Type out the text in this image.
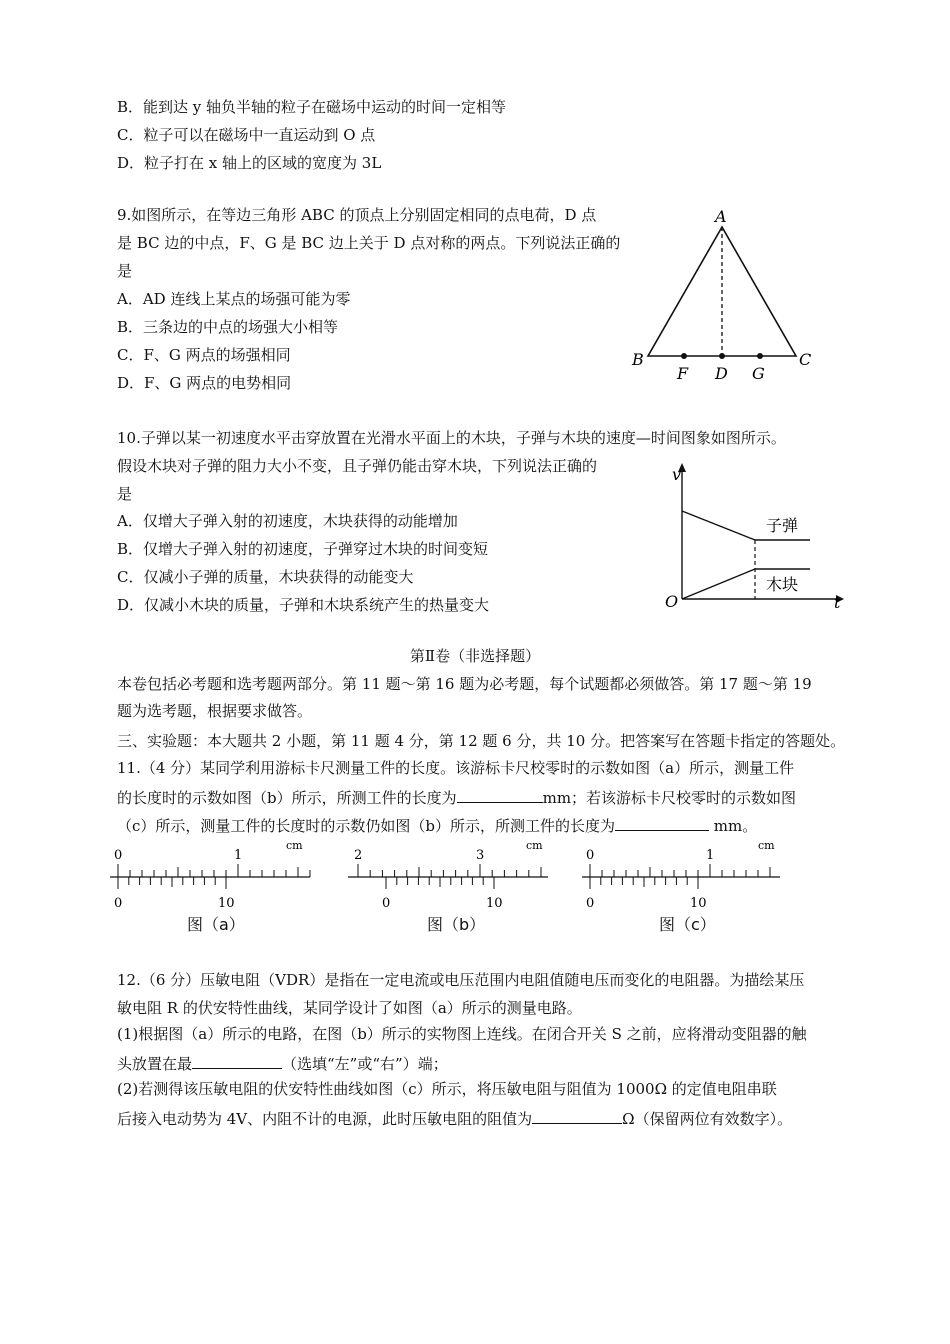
B．能到达 y 轴负半轴的粒子在磁场中运动的时间一定相等
C．粒子可以在磁场中一直运动到 O 点
D．粒子打在 x 轴上的区域的宽度为 3L
9.如图所示，在等边三角形 ABC 的顶点上分别固定相同的点电荷，D 点
是 BC 边的中点，F、G 是 BC 边上关于 D 点对称的两点。下列说法正确的
是
A．AD 连线上某点的场强可能为零
B．三条边的中点的场强大小相等
C．F、G 两点的场强相同
D．F、G 两点的电势相同
A
B	C
F D G
10.子弹以某一初速度水平击穿放置在光滑水平面上的木块，子弹与木块的速度—时间图象如图所示。
假设木块对子弹的阻力大小不变，且子弹仍能击穿木块，下列说法正确的
是
A．仅增大子弹入射的初速度，木块获得的动能增加
B．仅增大子弹入射的初速度，子弹穿过木块的时间变短
C．仅减小子弹的质量，木块获得的动能变大
D．仅减小木块的质量，子弹和木块系统产生的热量变大
v
t
O
子弹
木块
第Ⅱ卷（非选择题）
本卷包括必考题和选考题两部分。第 11 题～第 16 题为必考题，每个试题都必须做答。第 17 题～第 19
题为选考题，根据要求做答。
三、实验题：本大题共 2 小题，第 11 题 4 分，第 12 题 6 分，共 10 分。把答案写在答题卡指定的答题处。
11.（4 分）某同学利用游标卡尺测量工件的长度。该游标卡尺校零时的示数如图（a）所示，测量工件
的长度时的示数如图（b）所示，所测工件的长度为	mm；若该游标卡尺校零时的示数如图
（c）所示，测量工件的长度时的示数仍如图（b）所示，所测工件的长度为	mm。
0	1
cm
0	10
图（a）
2	3
cm
0	10
图（b）
0	1
cm
0	10
图（c）
12.（6 分）压敏电阻（VDR）是指在一定电流或电压范围内电阻值随电压而变化的电阻器。为描绘某压
敏电阻 R 的伏安特性曲线，某同学设计了如图（a）所示的测量电路。
(1)根据图（a）所示的电路，在图（b）所示的实物图上连线。在闭合开关 S 之前，应将滑动变阻器的触
头放置在最	（选填“左”或“右”）端；
(2)若测得该压敏电阻的伏安特性曲线如图（c）所示，将压敏电阻与阻值为 1000Ω 的定值电阻串联
后接入电动势为 4V、内阻不计的电源，此时压敏电阻的阻值为	Ω（保留两位有效数字）。
